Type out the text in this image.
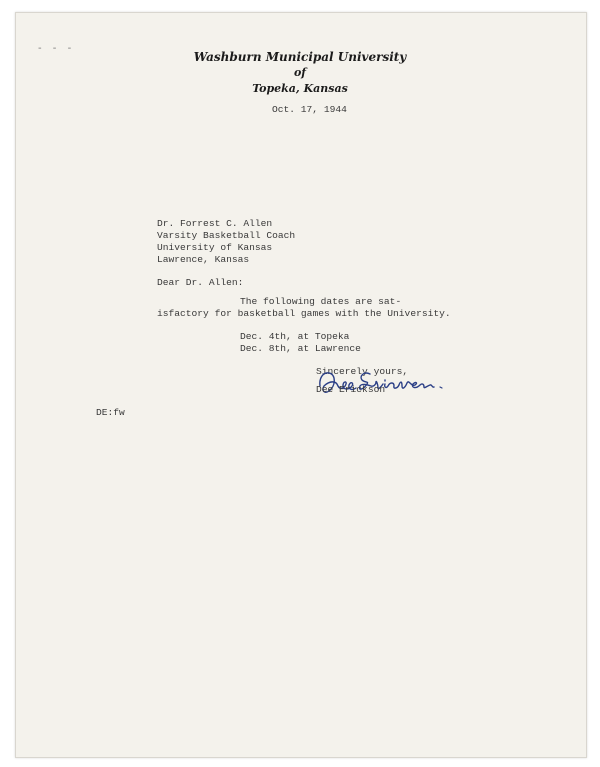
- - -
Washburn Municipal University
of
Topeka, Kansas
Oct. 17, 1944
Dr. Forrest C. Allen
Varsity Basketball Coach
University of Kansas
Lawrence, Kansas
Dear Dr. Allen:
The following dates are sat-
isfactory for basketball games with the University.
Dec. 4th, at Topeka
Dec. 8th, at Lawrence
Sincerely yours,
Dee Erickson
DE:fw
